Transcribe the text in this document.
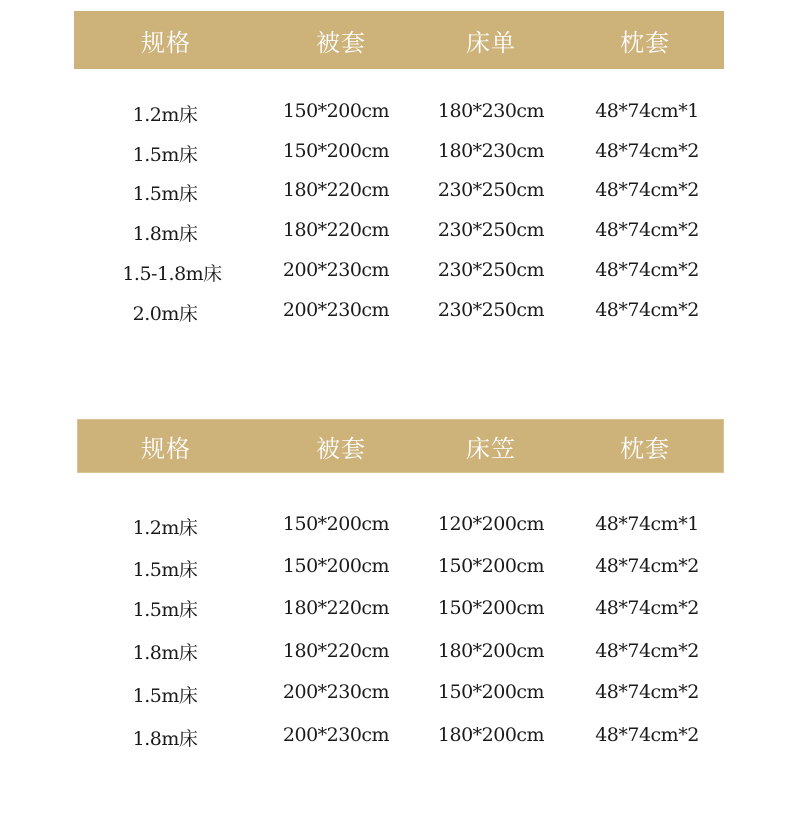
规格	被套	床单	枕套
1.2m床	150*200cm	180*230cm	48*74cm*1
1.5m床	150*200cm	180*230cm	48*74cm*2
1.5m床	180*220cm	230*250cm	48*74cm*2
1.8m床	180*220cm	230*250cm	48*74cm*2
1.5-1.8m床	200*230cm	230*250cm	48*74cm*2
2.0m床	200*230cm	230*250cm	48*74cm*2
规格	被套	床笠	枕套
1.2m床	150*200cm	120*200cm	48*74cm*1
1.5m床	150*200cm	150*200cm	48*74cm*2
1.5m床	180*220cm	150*200cm	48*74cm*2
1.8m床	180*220cm	180*200cm	48*74cm*2
1.5m床	200*230cm	150*200cm	48*74cm*2
1.8m床	200*230cm	180*200cm	48*74cm*2
